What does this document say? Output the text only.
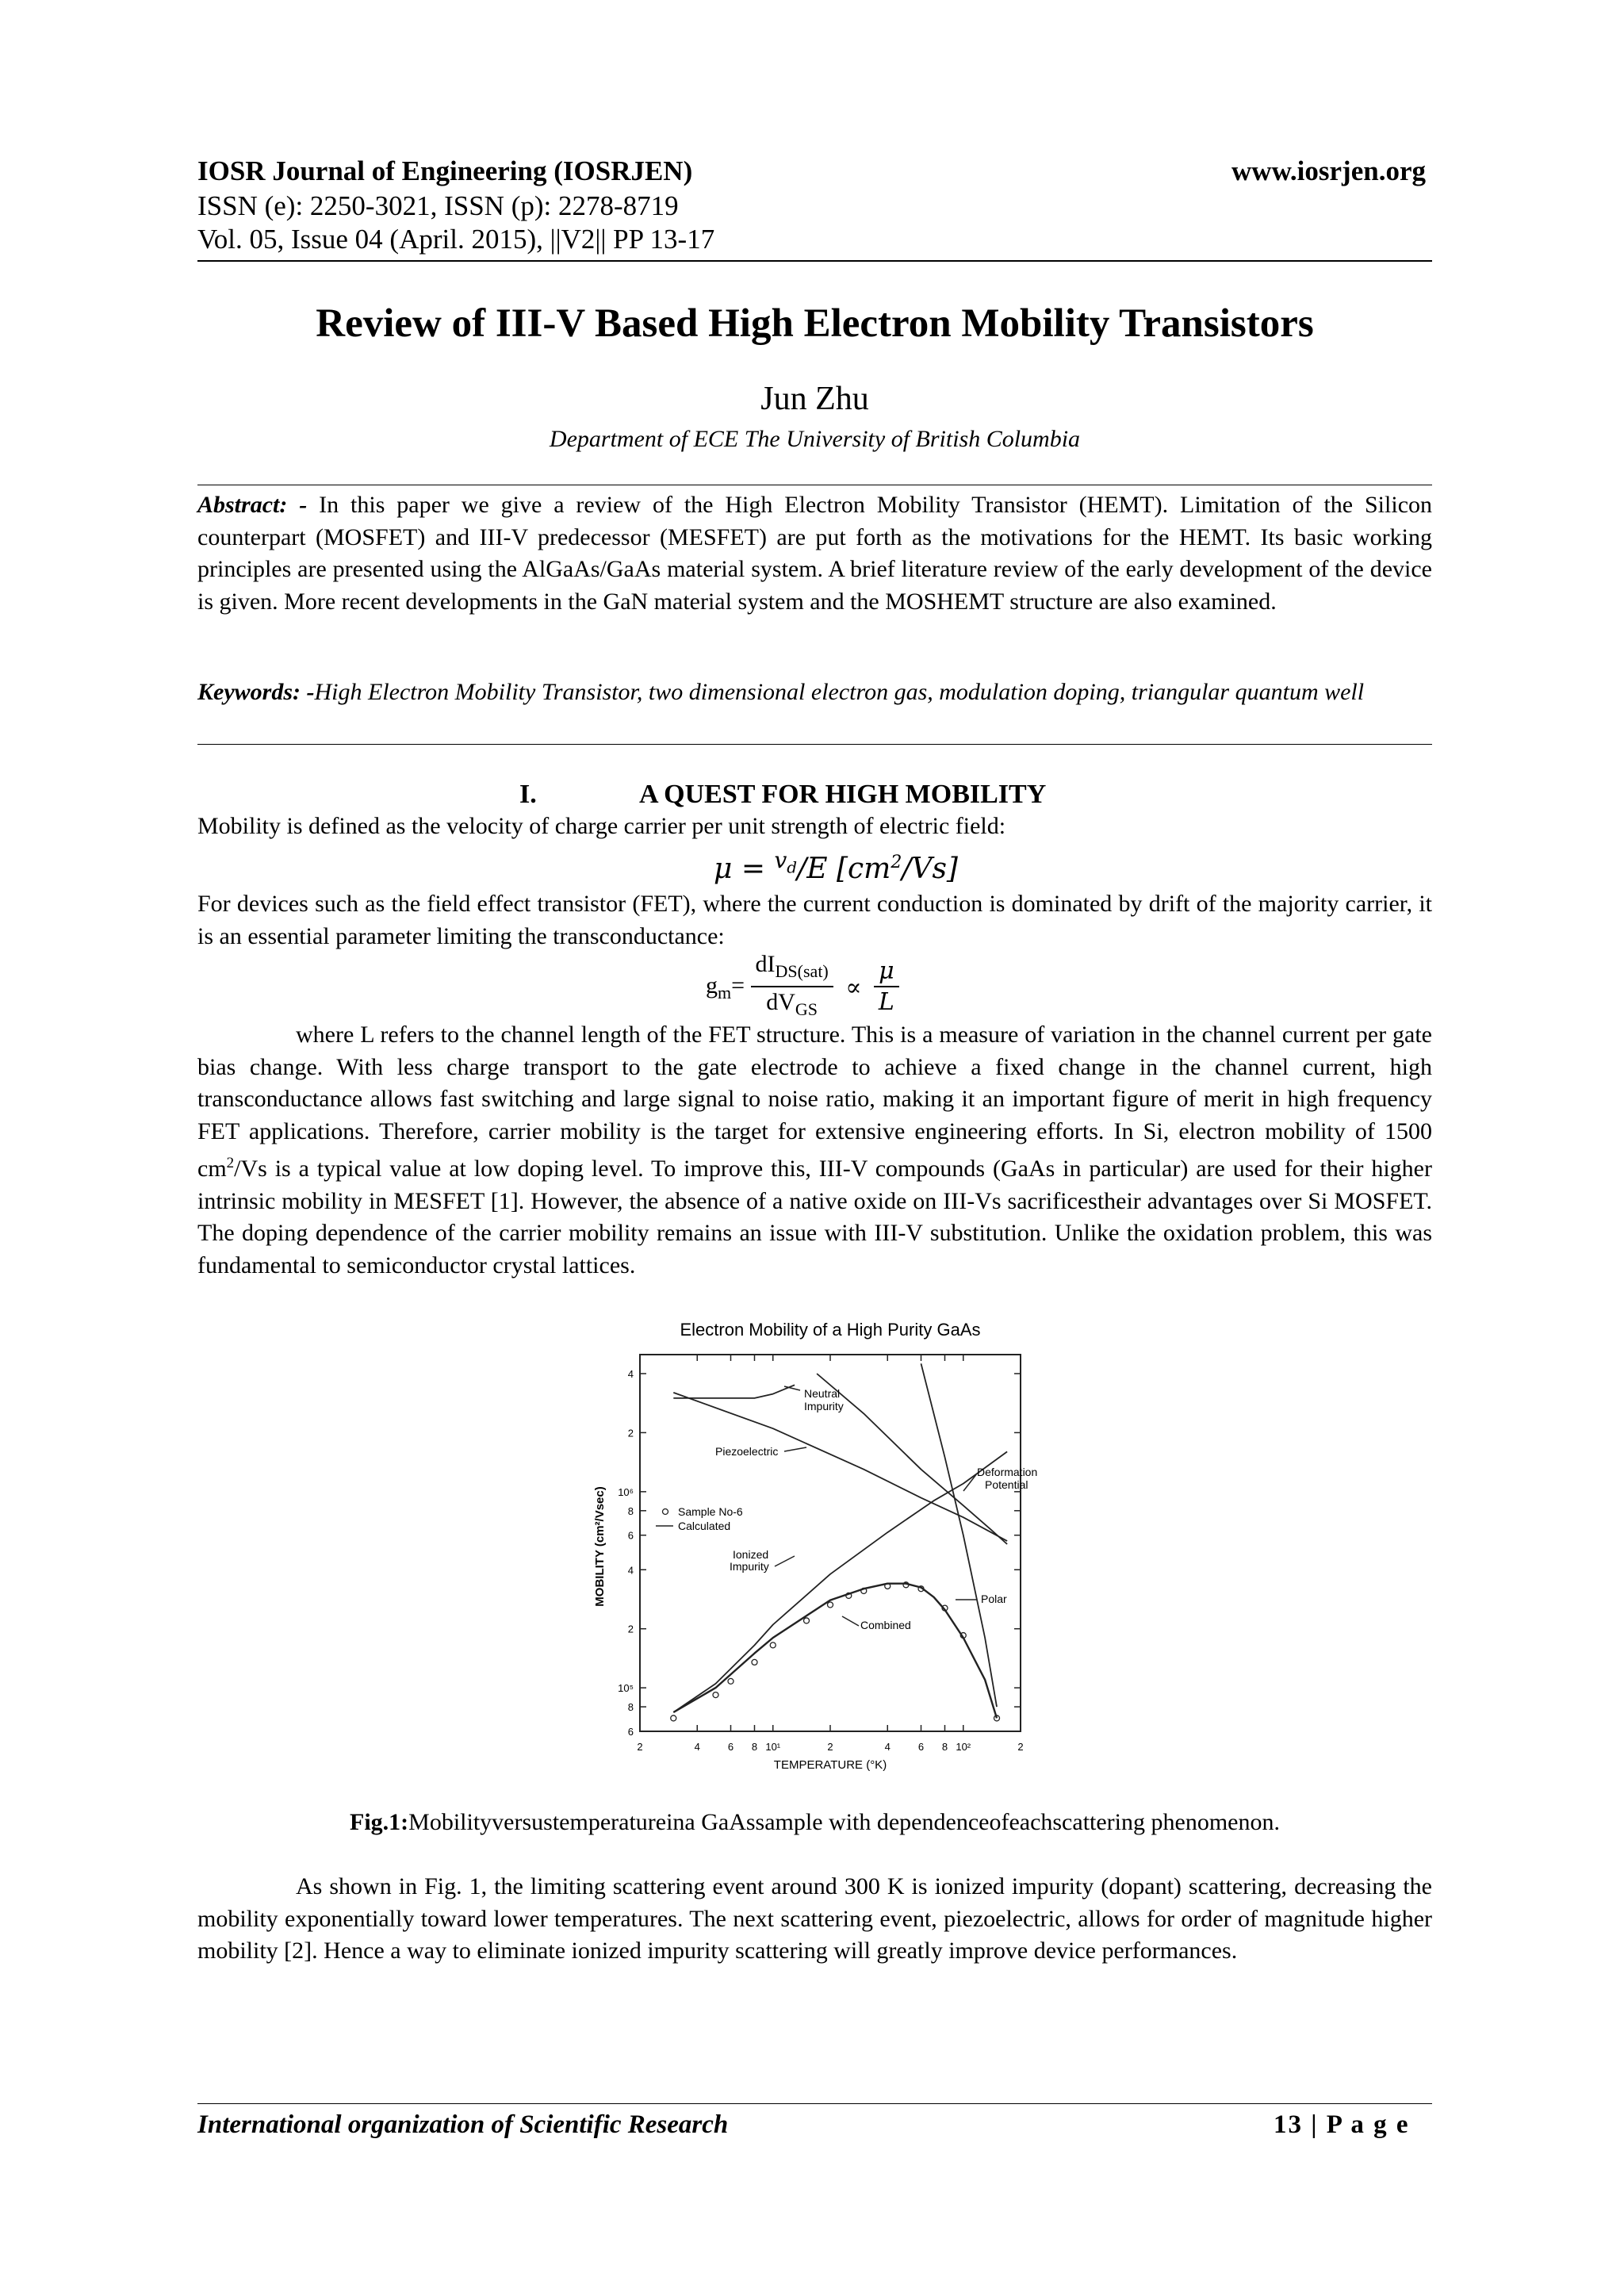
IOSR Journal of Engineering (IOSRJEN)	www.iosrjen.org
ISSN (e): 2250-3021, ISSN (p): 2278-8719
Vol. 05, Issue 04 (April. 2015), ||V2|| PP 13-17
Review of III-V Based High Electron Mobility Transistors
Jun Zhu
Department of ECE The University of British Columbia
Abstract: - In this paper we give a review of the High Electron Mobility Transistor (HEMT). Limitation of the Silicon counterpart (MOSFET) and III-V predecessor (MESFET) are put forth as the motivations for the HEMT. Its basic working principles are presented using the AlGaAs/GaAs material system. A brief literature review of the early development of the device is given. More recent developments in the GaN material system and the MOSHEMT structure are also examined.
Keywords: -High Electron Mobility Transistor, two dimensional electron gas, modulation doping, triangular quantum well
I.	A QUEST FOR HIGH MOBILITY
Mobility is defined as the velocity of charge carrier per unit strength of electric field:
μ = $^{v_d}$/E $[cm^2/Vs]$
For devices such as the field effect transistor (FET), where the current conduction is dominated by drift of the majority carrier, it is an essential parameter limiting the transconductance:
$g_m= \frac{dI_{DS(sat)}}{dV_{GS}} \propto \frac{\mu}{L}$
where L refers to the channel length of the FET structure. This is a measure of variation in the channel current per gate bias change. With less charge transport to the gate electrode to achieve a fixed change in the channel current, high transconductance allows fast switching and large signal to noise ratio, making it an important figure of merit in high frequency FET applications. Therefore, carrier mobility is the target for extensive engineering efforts. In Si, electron mobility of 1500 $cm^2/Vs$ is a typical value at low doping level. To improve this, III-V compounds (GaAs in particular) are used for their higher intrinsic mobility in MESFET [1]. However, the absence of a native oxide on III-Vs sacrificestheir advantages over Si MOSFET. The doping dependence of the carrier mobility remains an issue with III-V substitution. Unlike the oxidation problem, this was fundamental to semiconductor crystal lattices.
Electron Mobility of a High Purity GaAs
2	4	6 8 10¹	2	4	6 8 10²	2
6
8
10⁵
2
4
6
8
10⁶
2
4
Neutral
Impurity
Piezoelectric
Deformation
Potential
Ionized
Impurity
Polar
Combined
Sample No-6
Calculated
TEMPERATURE (°K)
MOBILITY (cm²/Vsec)
Fig.1:Mobilityversustemperatureina GaAssample with dependenceofeachscattering phenomenon.
As shown in Fig. 1, the limiting scattering event around 300 K is ionized impurity (dopant) scattering, decreasing the mobility exponentially toward lower temperatures. The next scattering event, piezoelectric, allows for order of magnitude higher mobility [2]. Hence a way to eliminate ionized impurity scattering will greatly improve device performances.
International organization of Scientific Research	13 | P a g e
